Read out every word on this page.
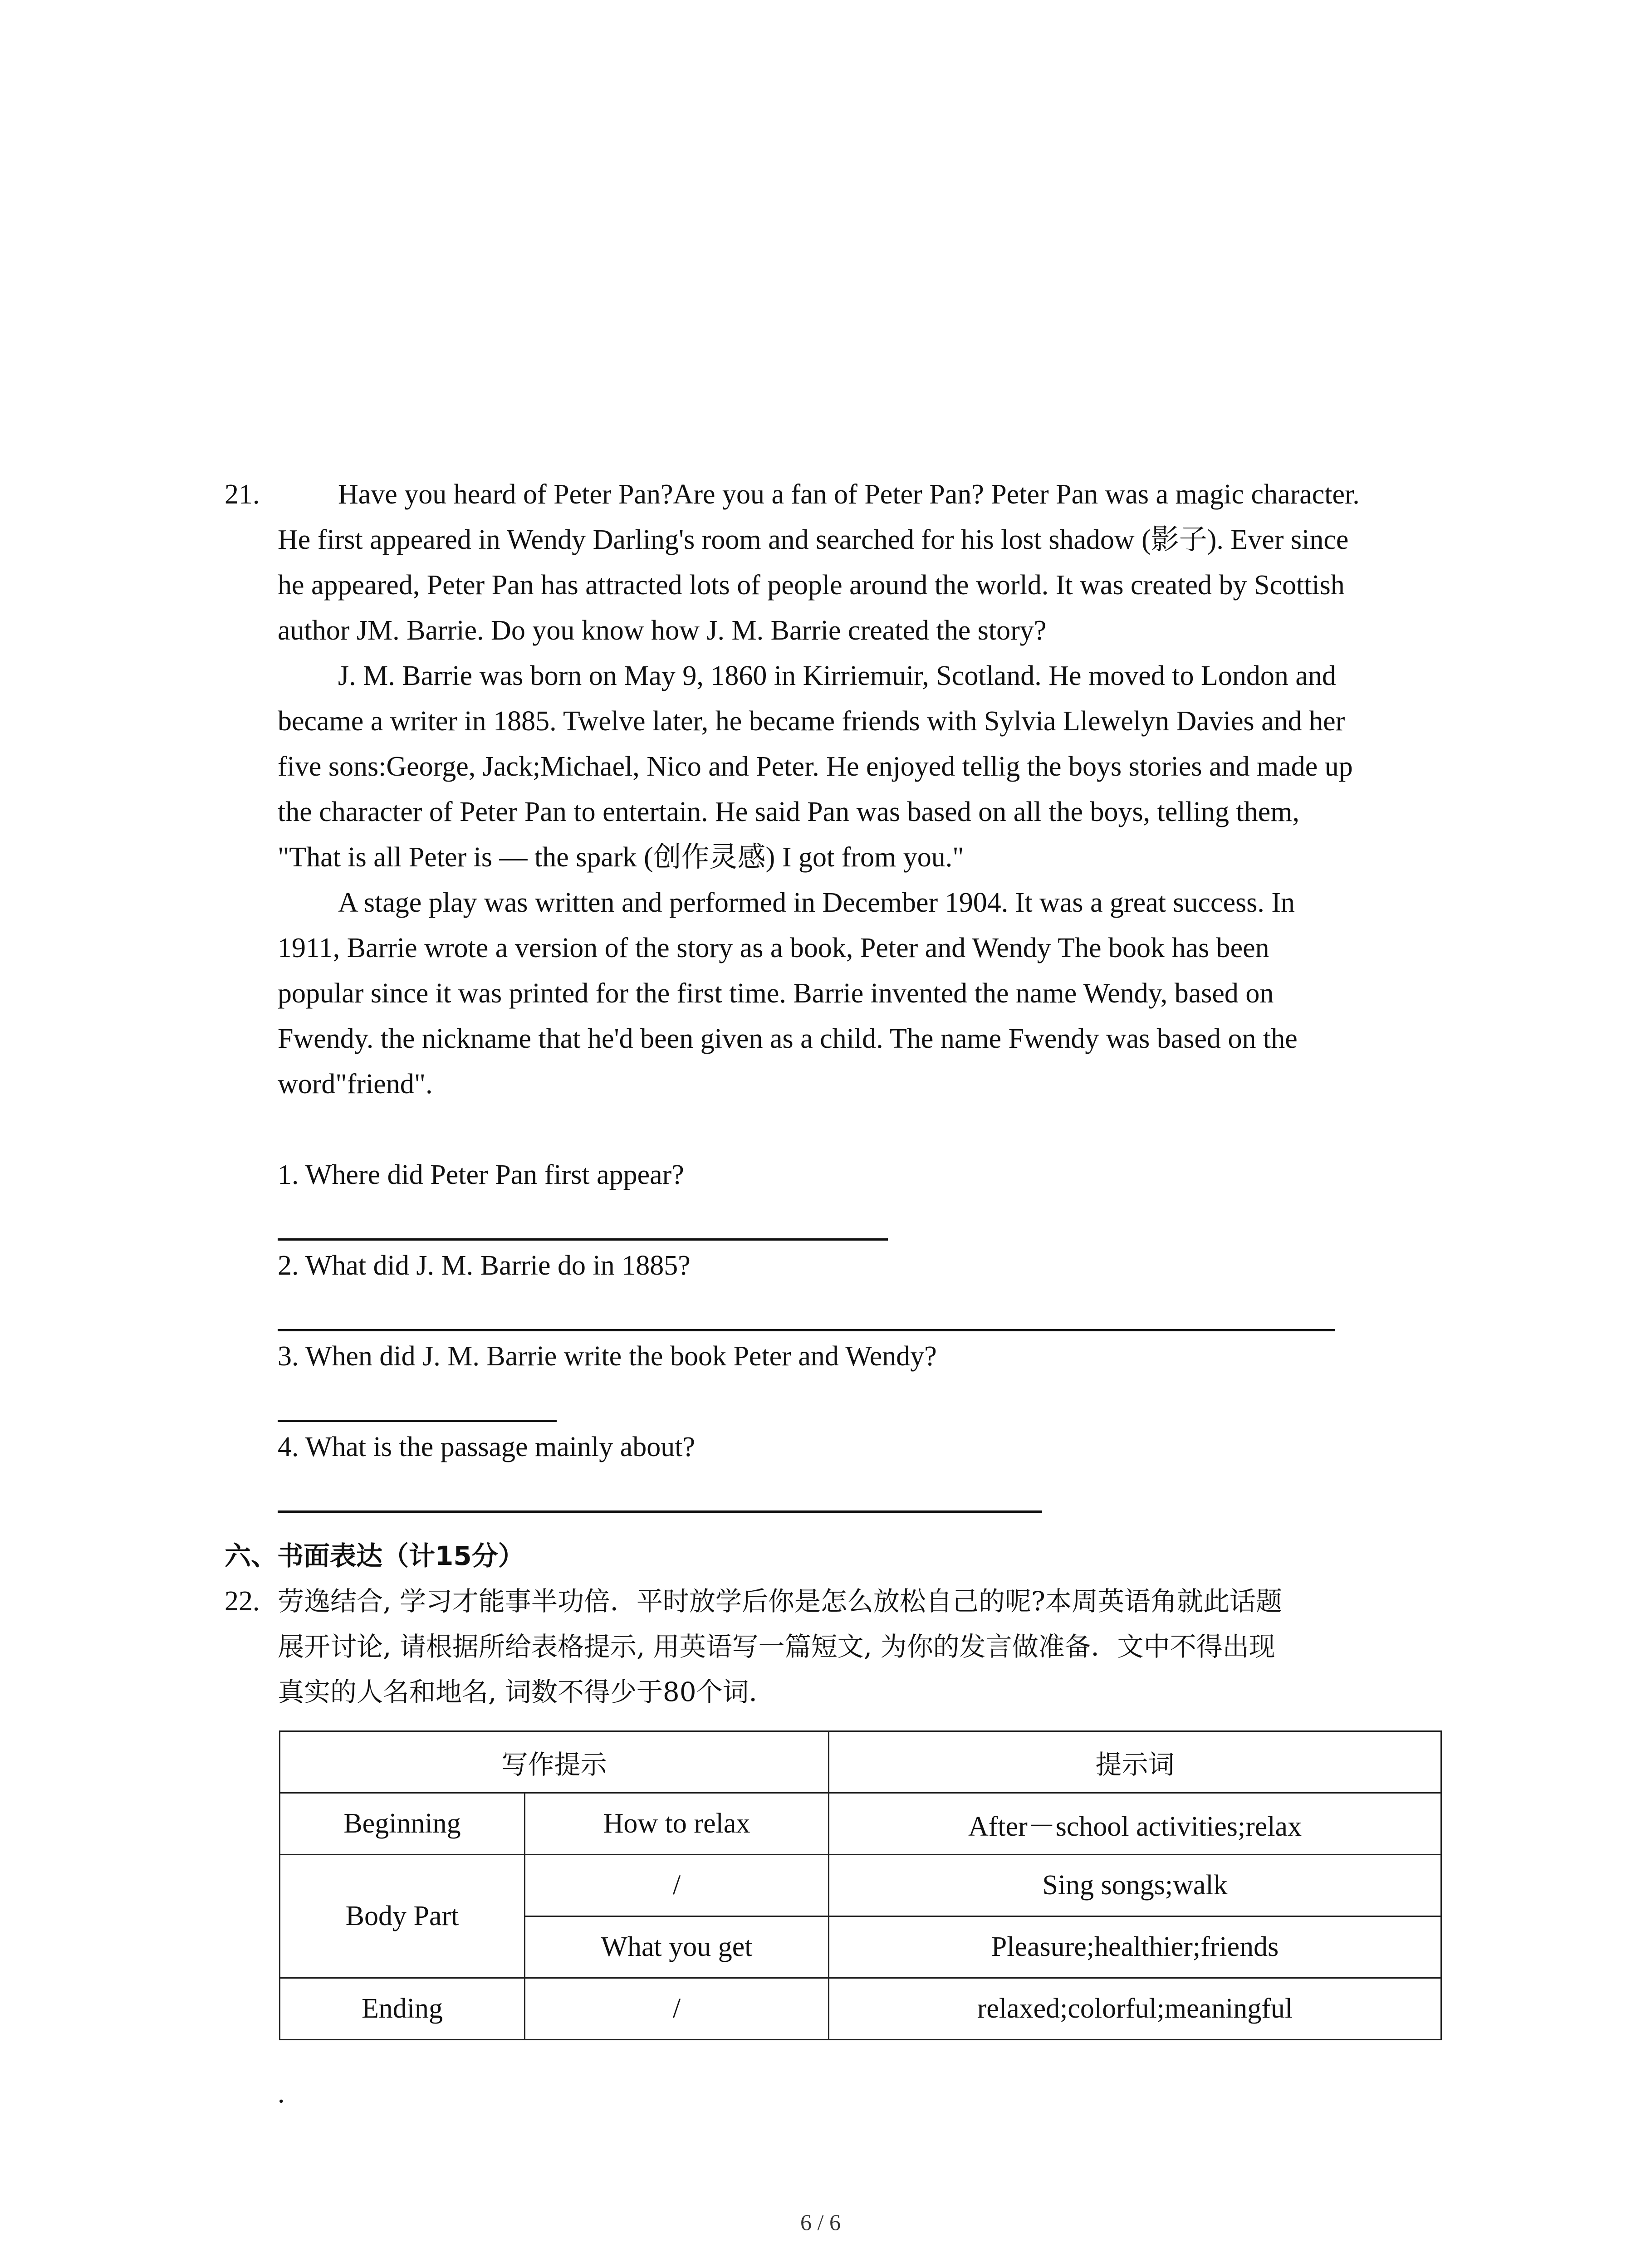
21.	Have you heard of Peter Pan?Are you a fan of Peter Pan? Peter Pan was a magic character.
He first appeared in Wendy Darling's room and searched for his lost shadow (影子). Ever since
he appeared, Peter Pan has attracted lots of people around the world. It was created by Scottish
author JM. Barrie. Do you know how J. M. Barrie created the story?
J. M. Barrie was born on May 9, 1860 in Kirriemuir, Scotland. He moved to London and
became a writer in 1885. Twelve later, he became friends with Sylvia Llewelyn Davies and her
five sons:George, Jack;Michael, Nico and Peter. He enjoyed tellig the boys stories and made up
the character of Peter Pan to entertain. He said Pan was based on all the boys, telling them,
"That is all Peter is — the spark (创作灵感) I got from you."
A stage play was written and performed in December 1904. It was a great success. In
1911, Barrie wrote a version of the story as a book, Peter and Wendy The book has been
popular since it was printed for the first time. Barrie invented the name Wendy, based on
Fwendy. the nickname that he'd been given as a child. The name Fwendy was based on the
word"friend".
1. Where did Peter Pan first appear?
2. What did J. M. Barrie do in 1885?
3. When did J. M. Barrie write the book Peter and Wendy?
4. What is the passage mainly about?
六、书面表达（计15分）
22. 劳逸结合, 学习才能事半功倍．平时放学后你是怎么放松自己的呢?本周英语角就此话题
展开讨论, 请根据所给表格提示, 用英语写一篇短文, 为你的发言做准备．文中不得出现
真实的人名和地名, 词数不得少于80个词．
写作提示		提示词
Beginning	How to relax	After－school activities;relax
Body Part	/	Sing songs;walk
	What you get	Pleasure;healthier;friends
Ending	/	relaxed;colorful;meaningful
.
6 / 6
